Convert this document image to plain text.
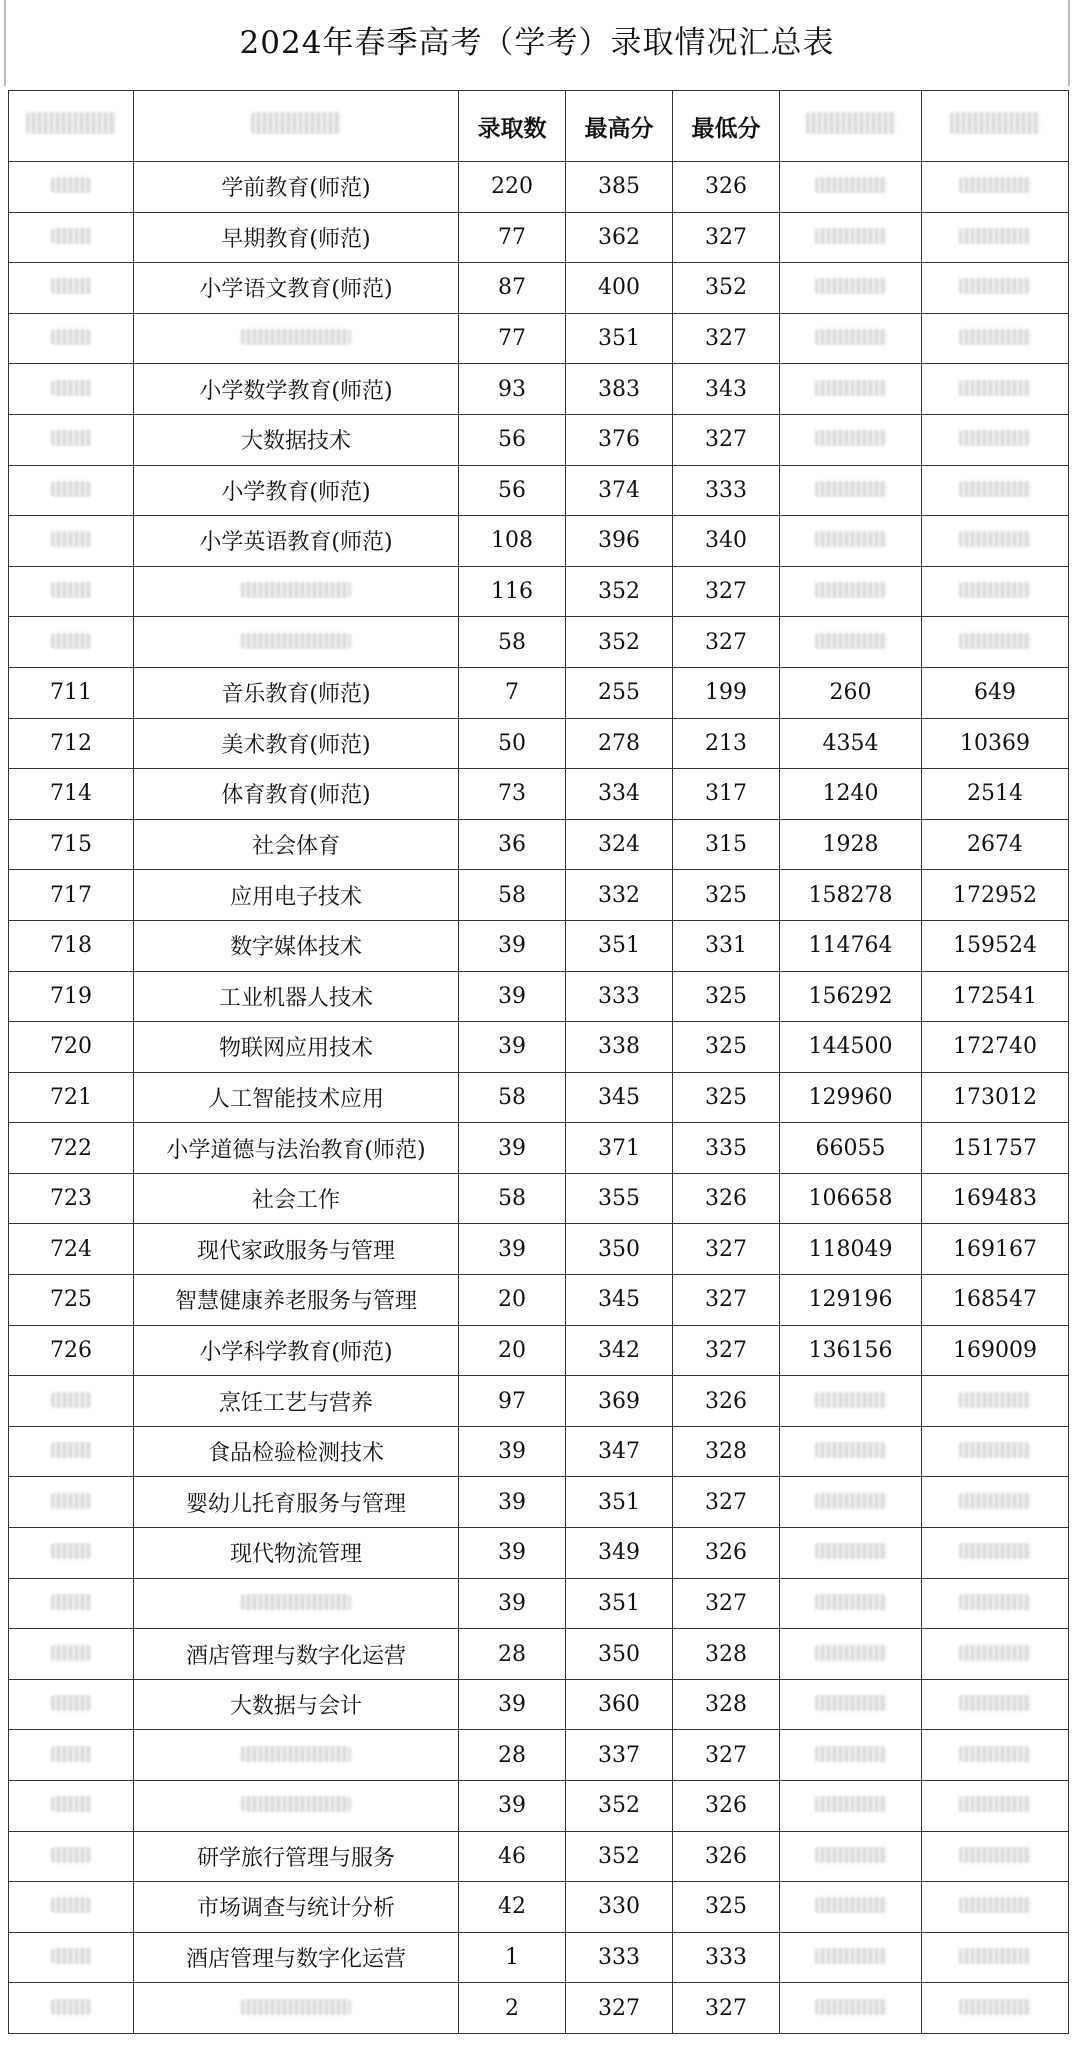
2024年春季高考（学考）录取情况汇总表
		录取数	最高分	最低分		
	学前教育(师范)	220	385	326		
	早期教育(师范)	77	362	327		
	小学语文教育(师范)	87	400	352		
		77	351	327		
	小学数学教育(师范)	93	383	343		
	大数据技术	56	376	327		
	小学教育(师范)	56	374	333		
	小学英语教育(师范)	108	396	340		
		116	352	327		
		58	352	327		
711	音乐教育(师范)	7	255	199	260	649
712	美术教育(师范)	50	278	213	4354	10369
714	体育教育(师范)	73	334	317	1240	2514
715	社会体育	36	324	315	1928	2674
717	应用电子技术	58	332	325	158278	172952
718	数字媒体技术	39	351	331	114764	159524
719	工业机器人技术	39	333	325	156292	172541
720	物联网应用技术	39	338	325	144500	172740
721	人工智能技术应用	58	345	325	129960	173012
722	小学道德与法治教育(师范)	39	371	335	66055	151757
723	社会工作	58	355	326	106658	169483
724	现代家政服务与管理	39	350	327	118049	169167
725	智慧健康养老服务与管理	20	345	327	129196	168547
726	小学科学教育(师范)	20	342	327	136156	169009
	烹饪工艺与营养	97	369	326		
	食品检验检测技术	39	347	328		
	婴幼儿托育服务与管理	39	351	327		
	现代物流管理	39	349	326		
		39	351	327		
	酒店管理与数字化运营	28	350	328		
	大数据与会计	39	360	328		
		28	337	327		
		39	352	326		
	研学旅行管理与服务	46	352	326		
	市场调查与统计分析	42	330	325		
	酒店管理与数字化运营	1	333	333		
		2	327	327		
